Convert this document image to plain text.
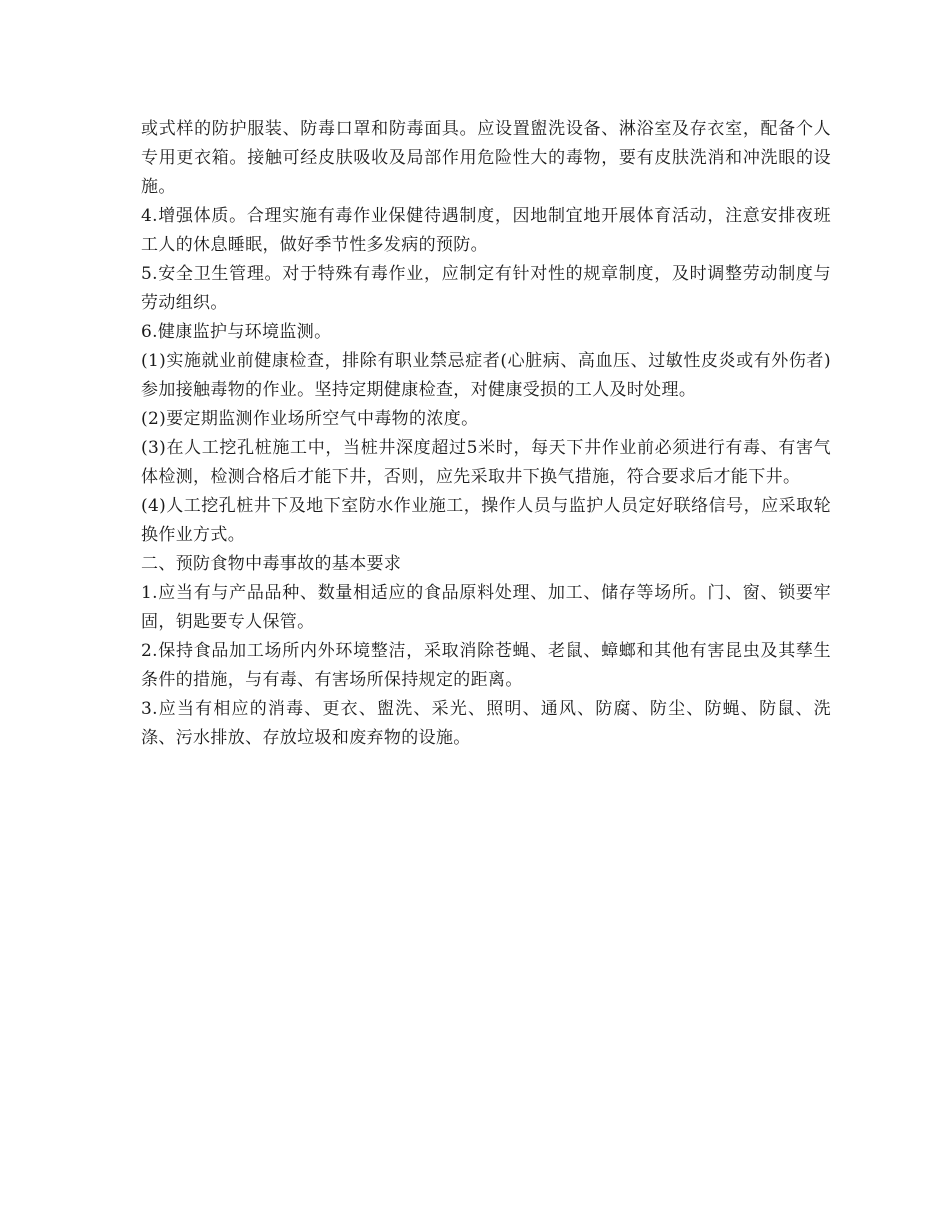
或式样的防护服装、防毒口罩和防毒面具。应设置盥洗设备、淋浴室及存衣室，配备个人专用更衣箱。接触可经皮肤吸收及局部作用危险性大的毒物，要有皮肤洗消和冲洗眼的设施。

4.增强体质。合理实施有毒作业保健待遇制度，因地制宜地开展体育活动，注意安排夜班工人的休息睡眠，做好季节性多发病的预防。

5.安全卫生管理。对于特殊有毒作业，应制定有针对性的规章制度，及时调整劳动制度与劳动组织。

6.健康监护与环境监测。

(1)实施就业前健康检查，排除有职业禁忌症者(心脏病、高血压、过敏性皮炎或有外伤者)参加接触毒物的作业。坚持定期健康检查，对健康受损的工人及时处理。

(2)要定期监测作业场所空气中毒物的浓度。

(3)在人工挖孔桩施工中，当桩井深度超过5米时，每天下井作业前必须进行有毒、有害气体检测，检测合格后才能下井，否则，应先采取井下换气措施，符合要求后才能下井。

(4)人工挖孔桩井下及地下室防水作业施工，操作人员与监护人员定好联络信号，应采取轮换作业方式。

二、预防食物中毒事故的基本要求

1.应当有与产品品种、数量相适应的食品原料处理、加工、储存等场所。门、窗、锁要牢固，钥匙要专人保管。

2.保持食品加工场所内外环境整洁，采取消除苍蝇、老鼠、蟑螂和其他有害昆虫及其孳生条件的措施，与有毒、有害场所保持规定的距离。

3.应当有相应的消毒、更衣、盥洗、采光、照明、通风、防腐、防尘、防蝇、防鼠、洗涤、污水排放、存放垃圾和废弃物的设施。
